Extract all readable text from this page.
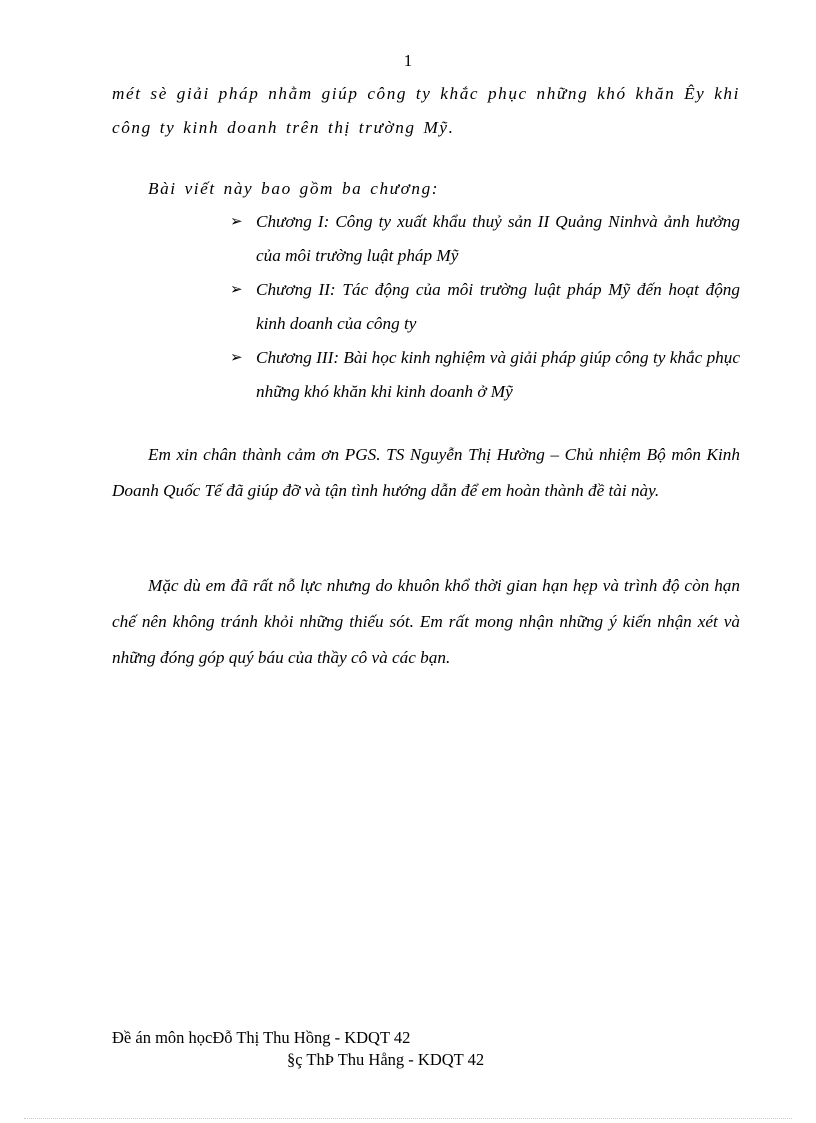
1

mét sè giải pháp nhằm giúp công ty khắc phục những khó khăn Êy khi

công ty kinh doanh trên thị trường Mỹ.

Bài viết này bao gồm ba chương:
➢ Chương I: Công ty xuất khẩu thuỷ sản II Quảng Ninhvà ảnh hưởng của môi trường luật pháp Mỹ
➢ Chương II: Tác động của môi trường luật pháp Mỹ đến hoạt động kinh doanh của công ty
➢ Chương III: Bài học kinh nghiệm và giải pháp giúp công ty khắc phục những khó khăn khi kinh doanh ở Mỹ
Em xin chân thành cảm ơn PGS. TS Nguyễn Thị Hường – Chủ nhiệm Bộ môn Kinh Doanh Quốc Tế đã giúp đỡ và tận tình hướng dẫn để em hoàn thành đề tài này.
Mặc dù em đã rất nỗ lực nhưng do khuôn khổ thời gian hạn hẹp và trình độ còn hạn chế nên không tránh khỏi những thiếu sót. Em rất mong nhận những ý kiến nhận xét và những đóng góp quý báu của thầy cô và các bạn.
Đề án môn họcĐỗ Thị Thu Hồng - KDQT 42
§ç ThÞ Thu Hång - KDQT 42
